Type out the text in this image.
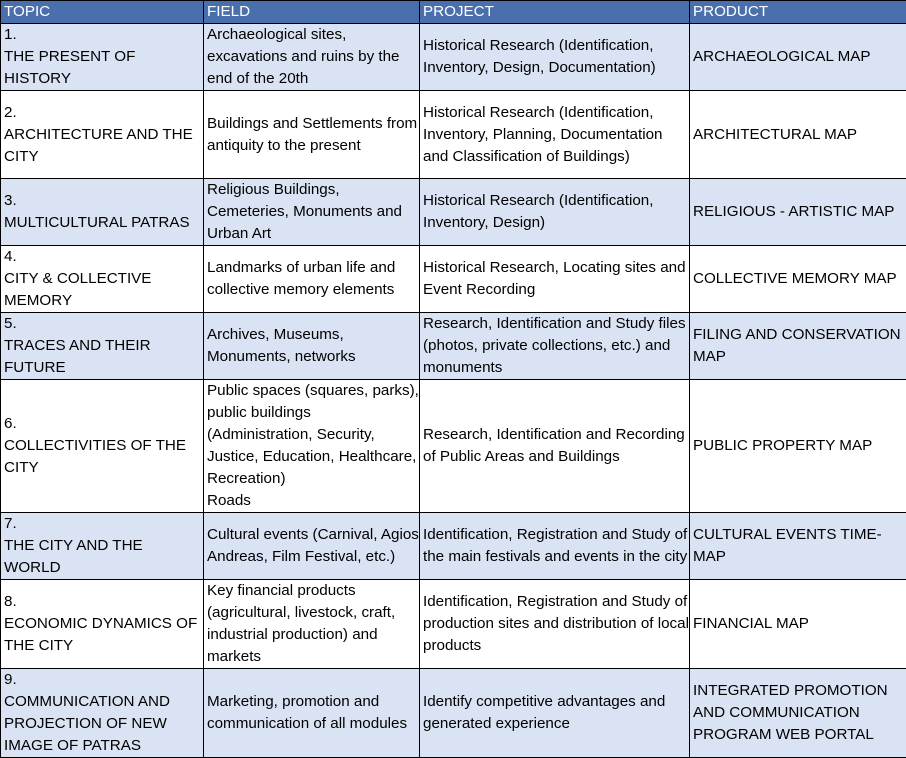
TOPIC	FIELD	PROJECT	PRODUCT
1.
THE PRESENT OF HISTORY	Archaeological sites, excavations and ruins by the end of the 20th	Historical Research (Identification, Inventory, Design, Documentation)	ARCHAEOLOGICAL MAP
2.
ARCHITECTURE AND THE CITY	Buildings and Settlements from antiquity to the present	Historical Research (Identification, Inventory, Planning, Documentation and Classification of Buildings)	ARCHITECTURAL MAP
3.
MULTICULTURAL PATRAS	Religious Buildings, Cemeteries, Monuments and Urban Art	Historical Research (Identification, Inventory, Design)	RELIGIOUS - ARTISTIC MAP
4.
CITY & COLLECTIVE MEMORY	Landmarks of urban life and collective memory elements	Historical Research, Locating sites and Event Recording	COLLECTIVE MEMORY MAP
5.
TRACES AND THEIR FUTURE	Archives, Museums, Monuments, networks	Research, Identification and Study files (photos, private collections, etc.) and monuments	FILING AND CONSERVATION MAP
6.
COLLECTIVITIES OF THE CITY	Public spaces (squares, parks), public buildings (Administration, Security, Justice, Education, Healthcare, Recreation)
Roads	Research, Identification and Recording of Public Areas and Buildings	PUBLIC PROPERTY MAP
7.
THE CITY AND THE WORLD	Cultural events (Carnival, Agios Andreas, Film Festival, etc.)	Identification, Registration and Study of the main festivals and events in the city	CULTURAL EVENTS TIME-MAP
8.
ECONOMIC DYNAMICS OF THE CITY	Key financial products (agricultural, livestock, craft, industrial production) and markets	Identification, Registration and Study of production sites and distribution of local products	FINANCIAL MAP
9.
COMMUNICATION AND PROJECTION OF NEW IMAGE OF PATRAS	Marketing, promotion and communication of all modules	Identify competitive advantages and generated experience	INTEGRATED PROMOTION AND COMMUNICATION PROGRAM WEB PORTAL
